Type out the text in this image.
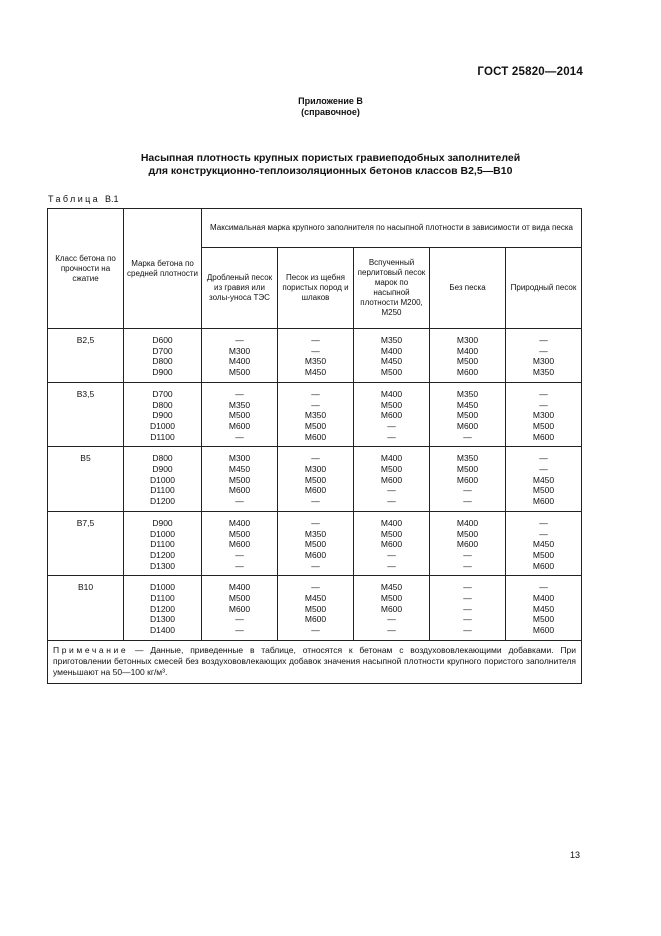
ГОСТ 25820—2014
Приложение В
(справочное)
Насыпная плотность крупных пористых гравиеподобных заполнителей
для конструкционно-теплоизоляционных бетонов классов В2,5—В10
Таблица В.1
Класс бетона по прочности на сжатие	Марка бетона по средней плотности	Максимальная марка крупного заполнителя по насыпной плотности в зависимости от вида песка				
		Дробленый песок из гравия или золы-уноса ТЭС	Песок из щебня пористых пород и шлаков	Вспученный перлитовый песок марок по насыпной плотности М200, М250	Без песка	Природный песок
В2,5	D600
D700
D800
D900	—
М300
М400
М500	—
—
М350
М450	М350
М400
М450
М500	М300
М400
М500
М600	—
—
М300
М350
В3,5	D700
D800
D900
D1000
D1100	—
М350
М500
М600
—	—
—
М350
М500
М600	М400
М500
М600
—
—	М350
М450
М500
М600
—	—
—
М300
М500
М600
В5	D800
D900
D1000
D1100
D1200	М300
М450
М500
М600
—	—
М300
М500
М600
—	М400
М500
М600
—
—	М350
М500
М600
—
—	—
—
М450
М500
М600
В7,5	D900
D1000
D1100
D1200
D1300	М400
М500
М600
—
—	—
М350
М500
М600
—	М400
М500
М600
—
—	М400
М500
М600
—
—	—
—
М450
М500
М600
В10	D1000
D1100
D1200
D1300
D1400	М400
М500
М600
—
—	—
М450
М500
М600
—	М450
М500
М600
—
—	—
—
—
—
—	—
М400
М450
М500
М600
Примечание — Данные, приведенные в таблице, относятся к бетонам с воздухововлекающими добавками. При приготовлении бетонных смесей без воздухововлекающих добавок значения насыпной плотности крупного пористого заполнителя уменьшают на 50—100 кг/м³.						
13
